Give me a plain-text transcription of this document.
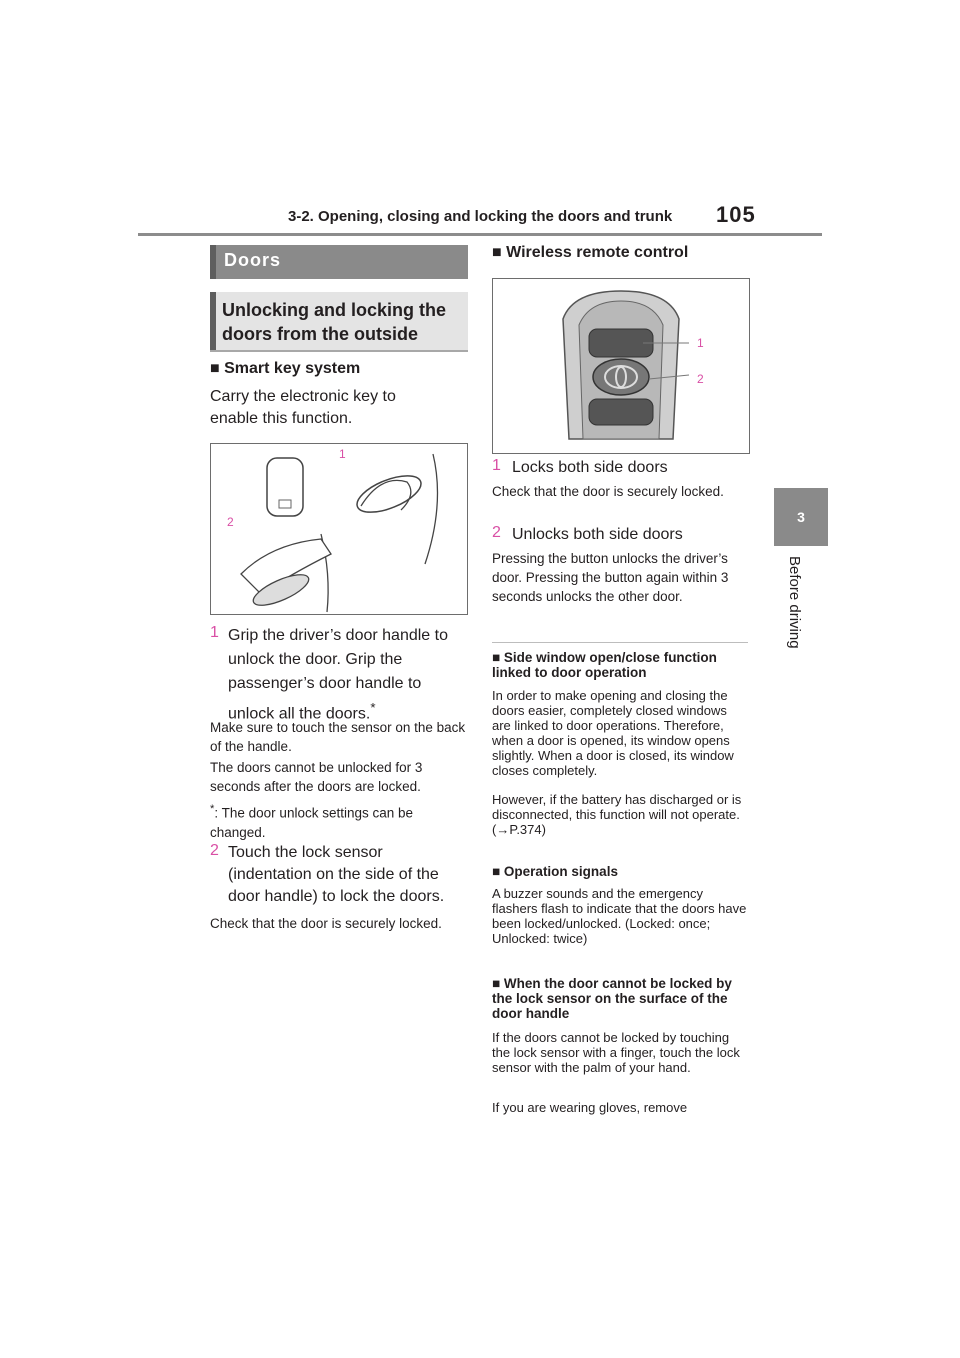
3-2. Opening, closing and locking the doors and trunk 105
3
Before driving
Doors
Unlocking and locking the doors from the outside
■ Smart key system
Carry the electronic key to enable this function.
1
2
1 Grip the driver’s door handle to unlock the door. Grip the passenger’s door handle to unlock all the doors.*
Make sure to touch the sensor on the back of the handle.
The doors cannot be unlocked for 3 seconds after the doors are locked.
*: The door unlock settings can be changed.
2 Touch the lock sensor (indentation on the side of the door handle) to lock the doors.
Check that the door is securely locked.
■ Wireless remote control
1
2
1 Locks both side doors
Check that the door is securely locked.
2 Unlocks both side doors
Pressing the button unlocks the driver’s door. Pressing the button again within 3 seconds unlocks the other door.
■ Side window open/close function linked to door operation
In order to make opening and closing the doors easier, completely closed windows are linked to door operations. Therefore, when a door is opened, its window opens slightly. When a door is closed, its window closes completely.
However, if the battery has discharged or is disconnected, this function will not operate. (→P.374)
■ Operation signals
A buzzer sounds and the emergency flashers flash to indicate that the doors have been locked/unlocked. (Locked: once; Unlocked: twice)
■ When the door cannot be locked by the lock sensor on the surface of the door handle
If the doors cannot be locked by touching the lock sensor with a finger, touch the lock sensor with the palm of your hand.
If you are wearing gloves, remove
